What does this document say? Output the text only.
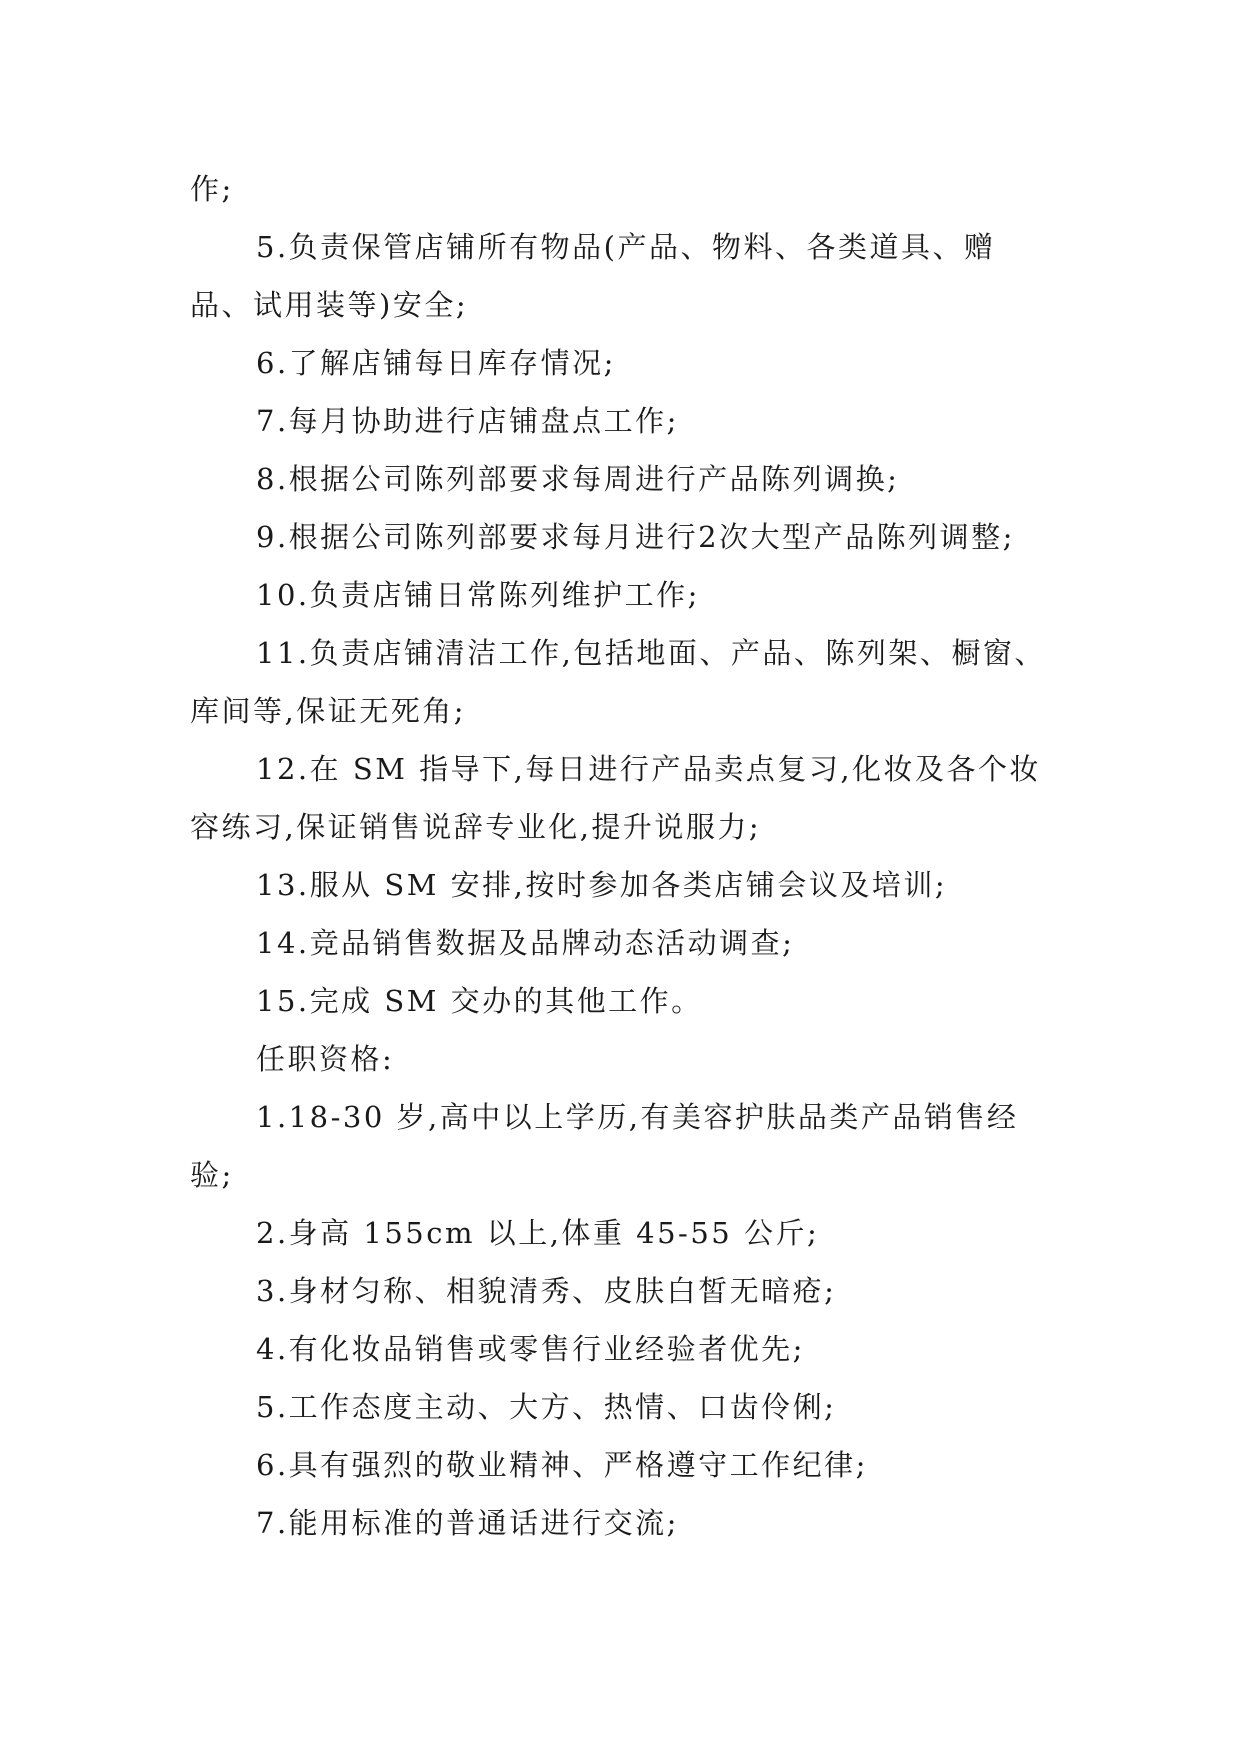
作;
5.负责保管店铺所有物品(产品、物料、各类道具、赠
品、试用装等)安全;
6.了解店铺每日库存情况;
7.每月协助进行店铺盘点工作;
8.根据公司陈列部要求每周进行产品陈列调换;
9.根据公司陈列部要求每月进行2次大型产品陈列调整;
10.负责店铺日常陈列维护工作;
11.负责店铺清洁工作,包括地面、产品、陈列架、橱窗、
库间等,保证无死角;
12.在 SM 指导下,每日进行产品卖点复习,化妆及各个妆
容练习,保证销售说辞专业化,提升说服力;
13.服从 SM 安排,按时参加各类店铺会议及培训;
14.竞品销售数据及品牌动态活动调查;
15.完成 SM 交办的其他工作。
任职资格:
1.18-30 岁,高中以上学历,有美容护肤品类产品销售经
验;
2.身高 155cm 以上,体重 45-55 公斤;
3.身材匀称、相貌清秀、皮肤白皙无暗疮;
4.有化妆品销售或零售行业经验者优先;
5.工作态度主动、大方、热情、口齿伶俐;
6.具有强烈的敬业精神、严格遵守工作纪律;
7.能用标准的普通话进行交流;
